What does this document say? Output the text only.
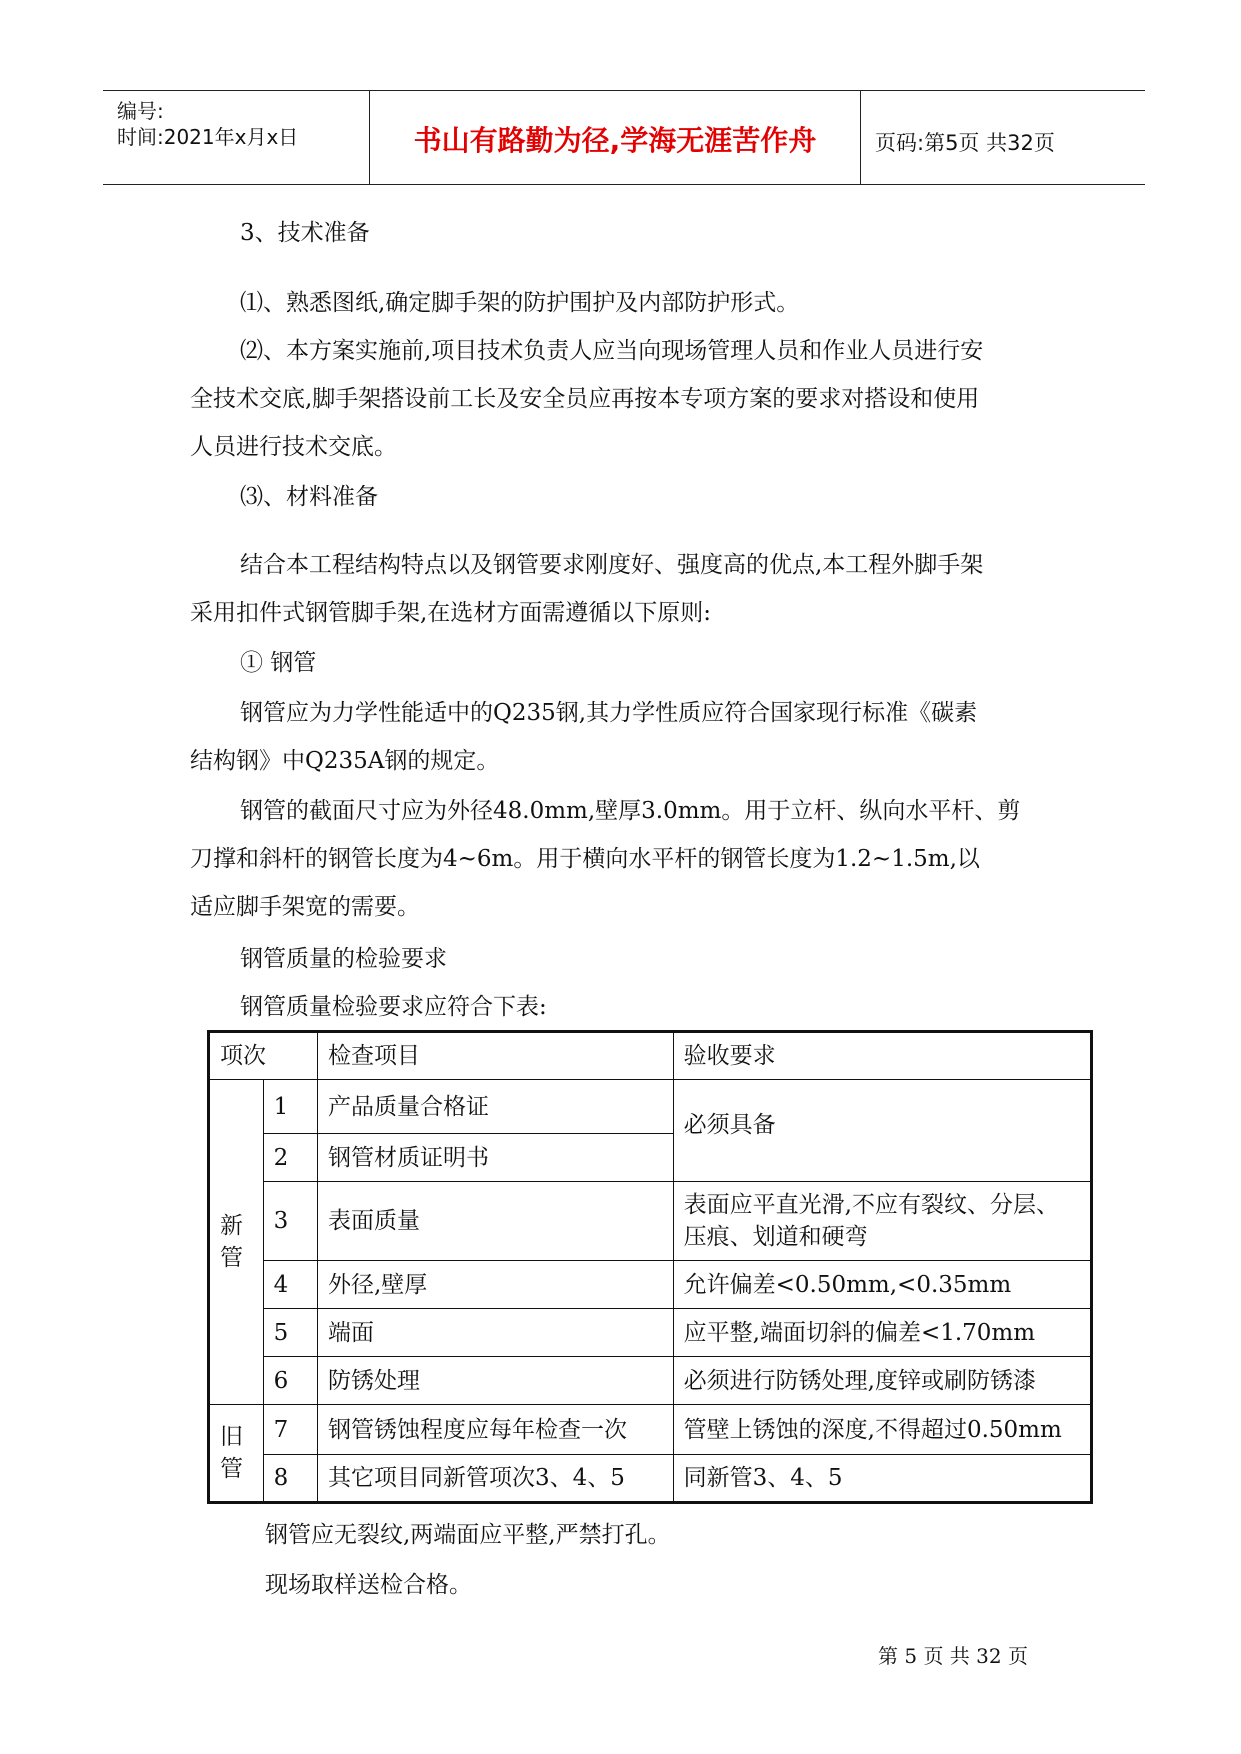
编号:
时间:2021年x月x日	书山有路勤为径,学海无涯苦作舟	页码:第5页 共32页
3、技术准备
⑴、熟悉图纸,确定脚手架的防护围护及内部防护形式。
⑵、本方案实施前,项目技术负责人应当向现场管理人员和作业人员进行安
全技术交底,脚手架搭设前工长及安全员应再按本专项方案的要求对搭设和使用
人员进行技术交底。
⑶、材料准备
结合本工程结构特点以及钢管要求刚度好、强度高的优点,本工程外脚手架
采用扣件式钢管脚手架,在选材方面需遵循以下原则:
① 钢管
钢管应为力学性能适中的Q235钢,其力学性质应符合国家现行标准《碳素
结构钢》中Q235A钢的规定。
钢管的截面尺寸应为外径48.0mm,壁厚3.0mm。用于立杆、纵向水平杆、剪
刀撑和斜杆的钢管长度为4~6m。用于横向水平杆的钢管长度为1.2~1.5m,以
适应脚手架宽的需要。
钢管质量的检验要求
钢管质量检验要求应符合下表:
项次		检查项目	验收要求
新
管	1	产品质量合格证	必须具备
	2	钢管材质证明书	
	3	表面质量	表面应平直光滑,不应有裂纹、分层、压痕、划道和硬弯
	4	外径,壁厚	允许偏差<0.50mm,<0.35mm
	5	端面	应平整,端面切斜的偏差<1.70mm
	6	防锈处理	必须进行防锈处理,度锌或刷防锈漆
旧
管	7	钢管锈蚀程度应每年检查一次	管壁上锈蚀的深度,不得超过0.50mm
	8	其它项目同新管项次3、4、5	同新管3、4、5
钢管应无裂纹,两端面应平整,严禁打孔。
现场取样送检合格。
第 5 页 共 32 页
